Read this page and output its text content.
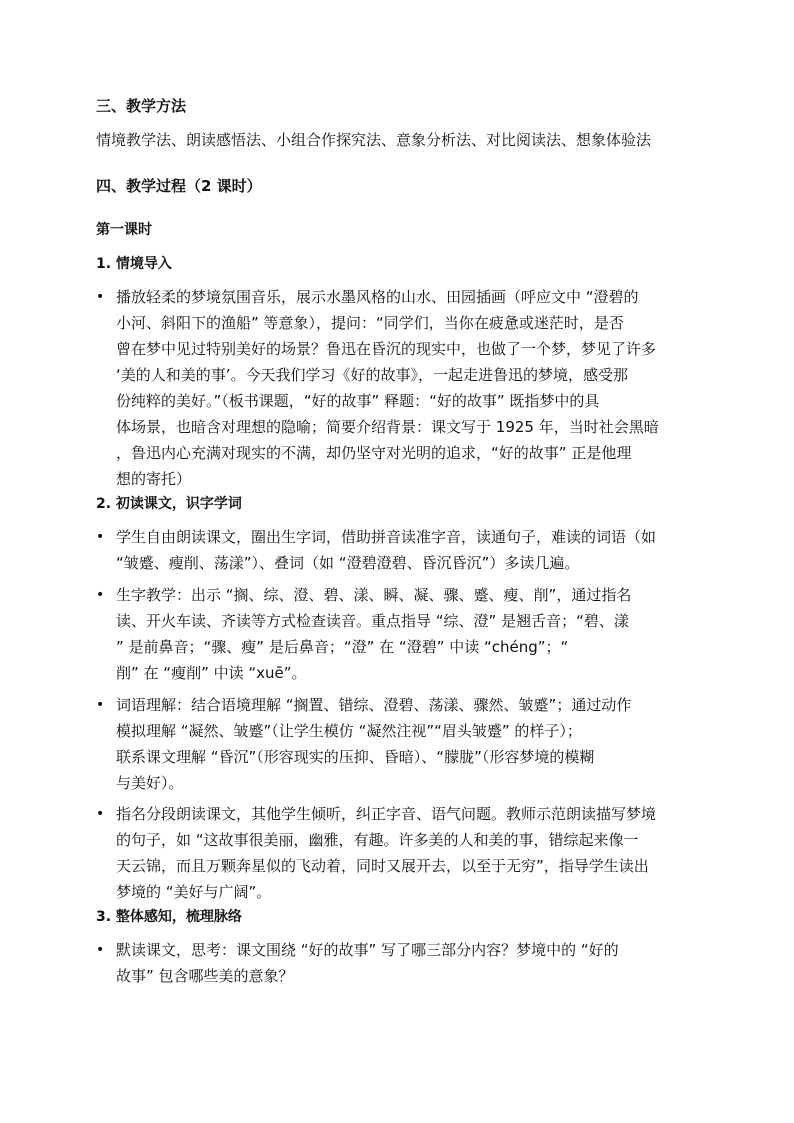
三、教学方法
情境教学法、朗读感悟法、小组合作探究法、意象分析法、对比阅读法、想象体验法
四、教学过程（2 课时）
第一课时
1. 情境导入
• 播放轻柔的梦境氛围音乐，展示水墨风格的山水、田园插画（呼应文中 “澄碧的
小河、斜阳下的渔船” 等意象），提问：“同学们，当你在疲惫或迷茫时，是否
曾在梦中见过特别美好的场景？鲁迅在昏沉的现实中，也做了一个梦，梦见了许多
‘美的人和美的事’。今天我们学习《好的故事》，一起走进鲁迅的梦境，感受那
份纯粹的美好。”（板书课题，“好的故事” 释题：“好的故事” 既指梦中的具
体场景，也暗含对理想的隐喻；简要介绍背景：课文写于 1925 年，当时社会黑暗
，鲁迅内心充满对现实的不满，却仍坚守对光明的追求，“好的故事” 正是他理
想的寄托）
2. 初读课文，识字学词
• 学生自由朗读课文，圈出生字词，借助拼音读准字音，读通句子，难读的词语（如
“皱蹙、瘦削、荡漾”）、叠词（如 “澄碧澄碧、昏沉昏沉”）多读几遍。
• 生字教学：出示 “搁、综、澄、碧、漾、瞬、凝、骤、蹙、瘦、削”，通过指名
读、开火车读、齐读等方式检查读音。重点指导 “综、澄” 是翘舌音；“碧、漾
” 是前鼻音；“骤、瘦” 是后鼻音；“澄” 在 “澄碧” 中读 “chéng”；“
削” 在 “瘦削” 中读 “xuē”。
• 词语理解：结合语境理解 “搁置、错综、澄碧、荡漾、骤然、皱蹙”；通过动作
模拟理解 “凝然、皱蹙”（让学生模仿 “凝然注视”“眉头皱蹙” 的样子）；
联系课文理解 “昏沉”（形容现实的压抑、昏暗）、“朦胧”（形容梦境的模糊
与美好）。
• 指名分段朗读课文，其他学生倾听，纠正字音、语气问题。教师示范朗读描写梦境
的句子，如 “这故事很美丽，幽雅，有趣。许多美的人和美的事，错综起来像一
天云锦，而且万颗奔星似的飞动着，同时又展开去，以至于无穷”，指导学生读出
梦境的 “美好与广阔”。
3. 整体感知，梳理脉络
• 默读课文，思考：课文围绕 “好的故事” 写了哪三部分内容？梦境中的 “好的
故事” 包含哪些美的意象？
